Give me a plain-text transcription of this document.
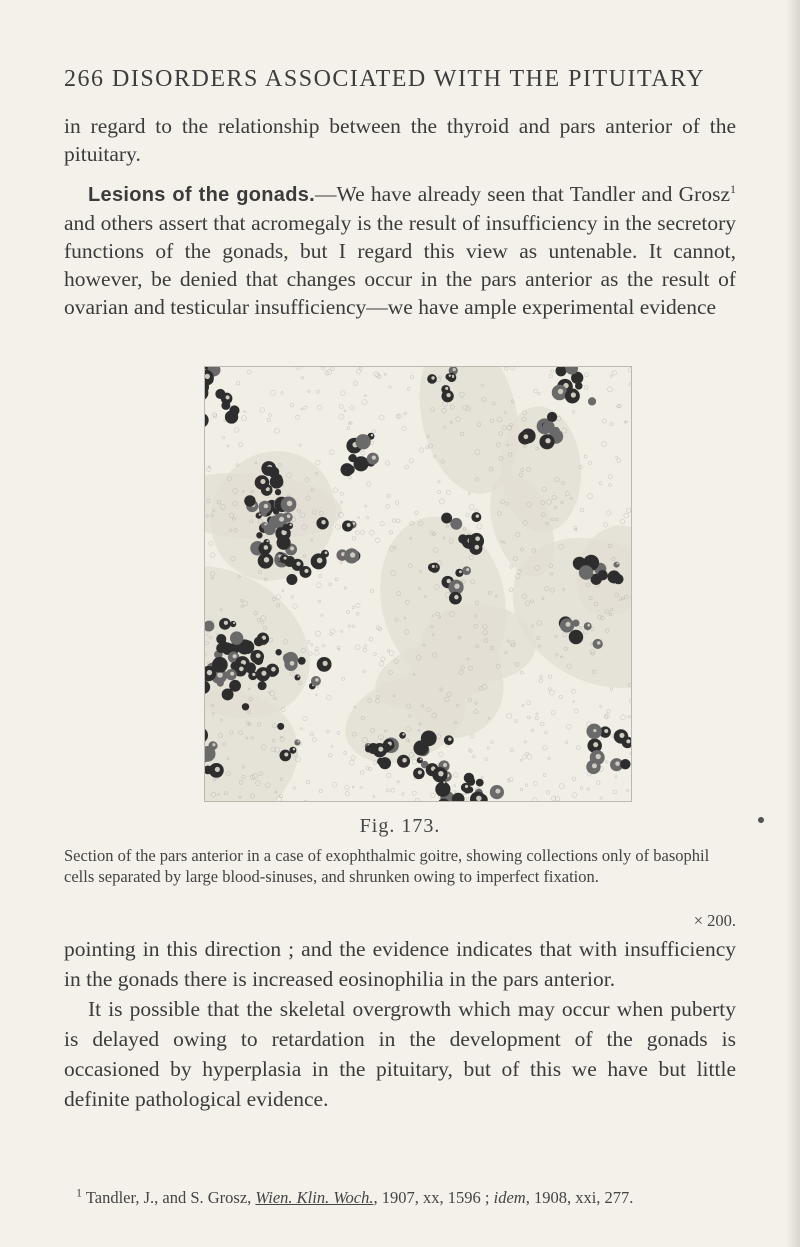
266 DISORDERS ASSOCIATED WITH THE PITUITARY

in regard to the relationship between the thyroid and pars anterior of the pituitary.

Lesions of the gonads.—We have already seen that Tandler and Grosz$^1$ and others assert that acromegaly is the result of insufficiency in the secretory functions of the gonads, but I regard this view as untenable. It cannot, however, be denied that changes occur in the pars anterior as the result of ovarian and testicular insufficiency—we have ample experimental evidence

Fig. 173.
Section of the pars anterior in a case of exophthalmic goitre, showing collections only of basophil cells separated by large blood-sinuses, and shrunken owing to imperfect fixation.
× 200.

pointing in this direction ; and the evidence indicates that with insufficiency in the gonads there is increased eosinophilia in the pars anterior.

It is possible that the skeletal overgrowth which may occur when puberty is delayed owing to retardation in the development of the gonads is occasioned by hyperplasia in the pituitary, but of this we have but little definite pathological evidence.

$^1$ Tandler, J., and S. Grosz, Wien. Klin. Woch., 1907, xx, 1596 ; idem, 1908, xxi, 277.
